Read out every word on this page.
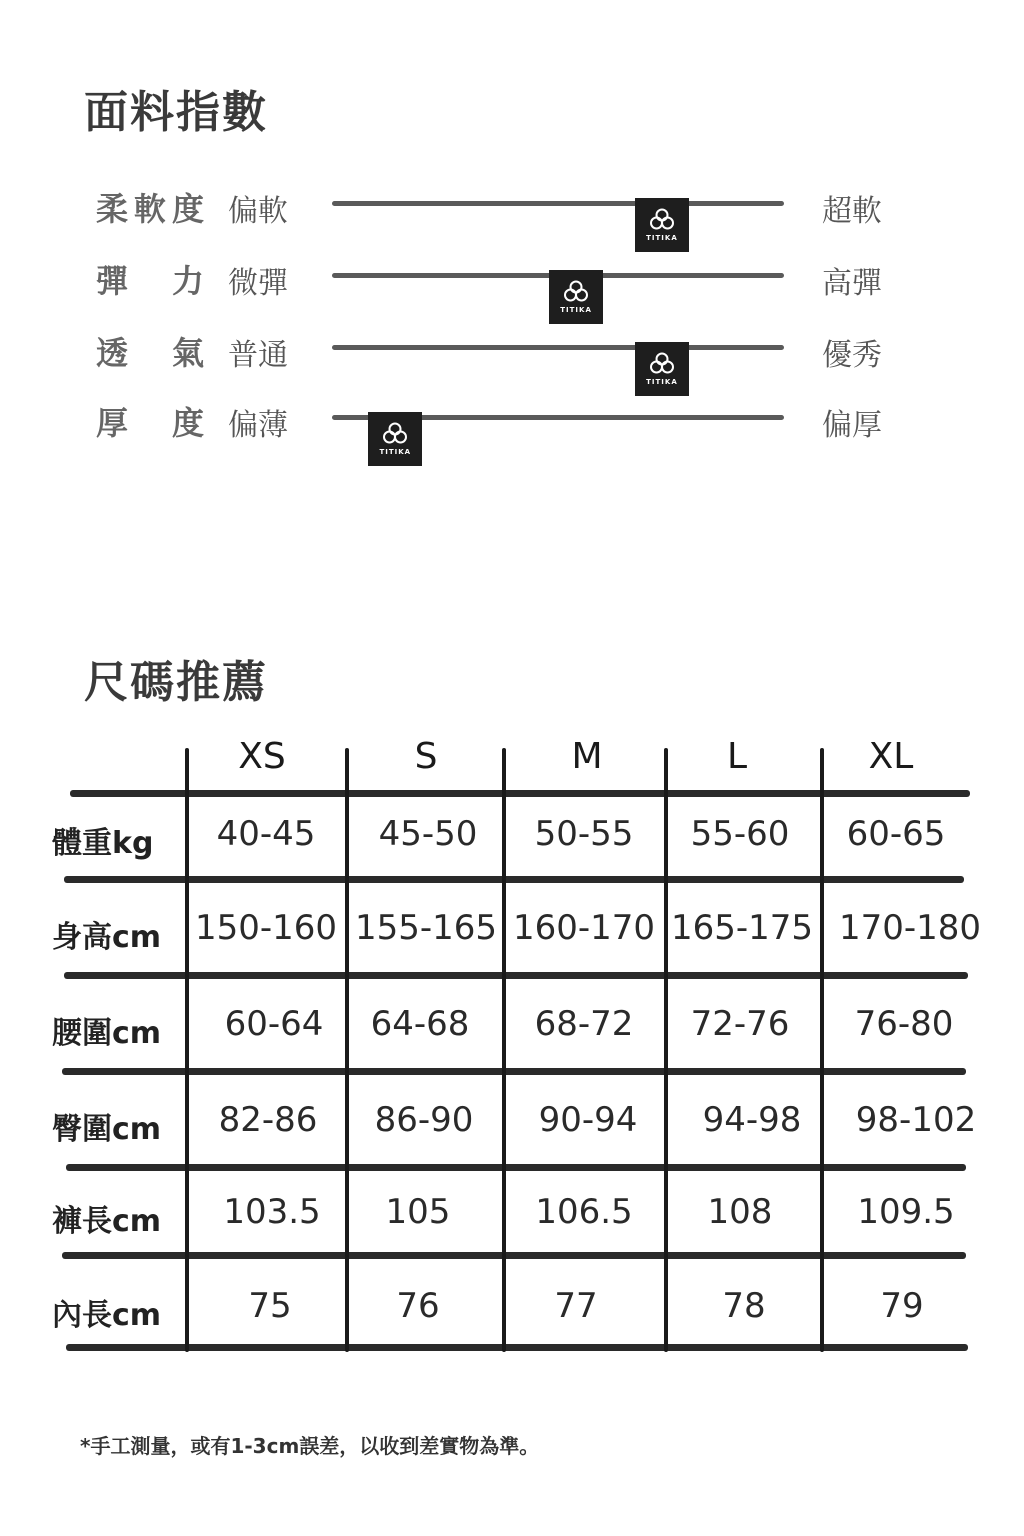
面料指數
柔軟度 偏軟
TITIKA
超軟
彈力 微彈
TITIKA
高彈
透氣 普通
TITIKA
優秀
厚度 偏薄
TITIKA
偏厚
尺碼推薦
XS	S	M	L	XL
體重kg	40-45	45-50	50-55	55-60	60-65
身高cm 150-160 155-165 160-170 165-175 170-180
腰圍cm	60-64	64-68	68-72	72-76	76-80
臀圍cm	82-86	86-90	90-94	94-98	98-102
褲長cm	103.5	105	106.5	108	109.5
內長cm	75	76	77	78	79
*手工測量，或有1-3cm誤差，以收到差實物為準。
